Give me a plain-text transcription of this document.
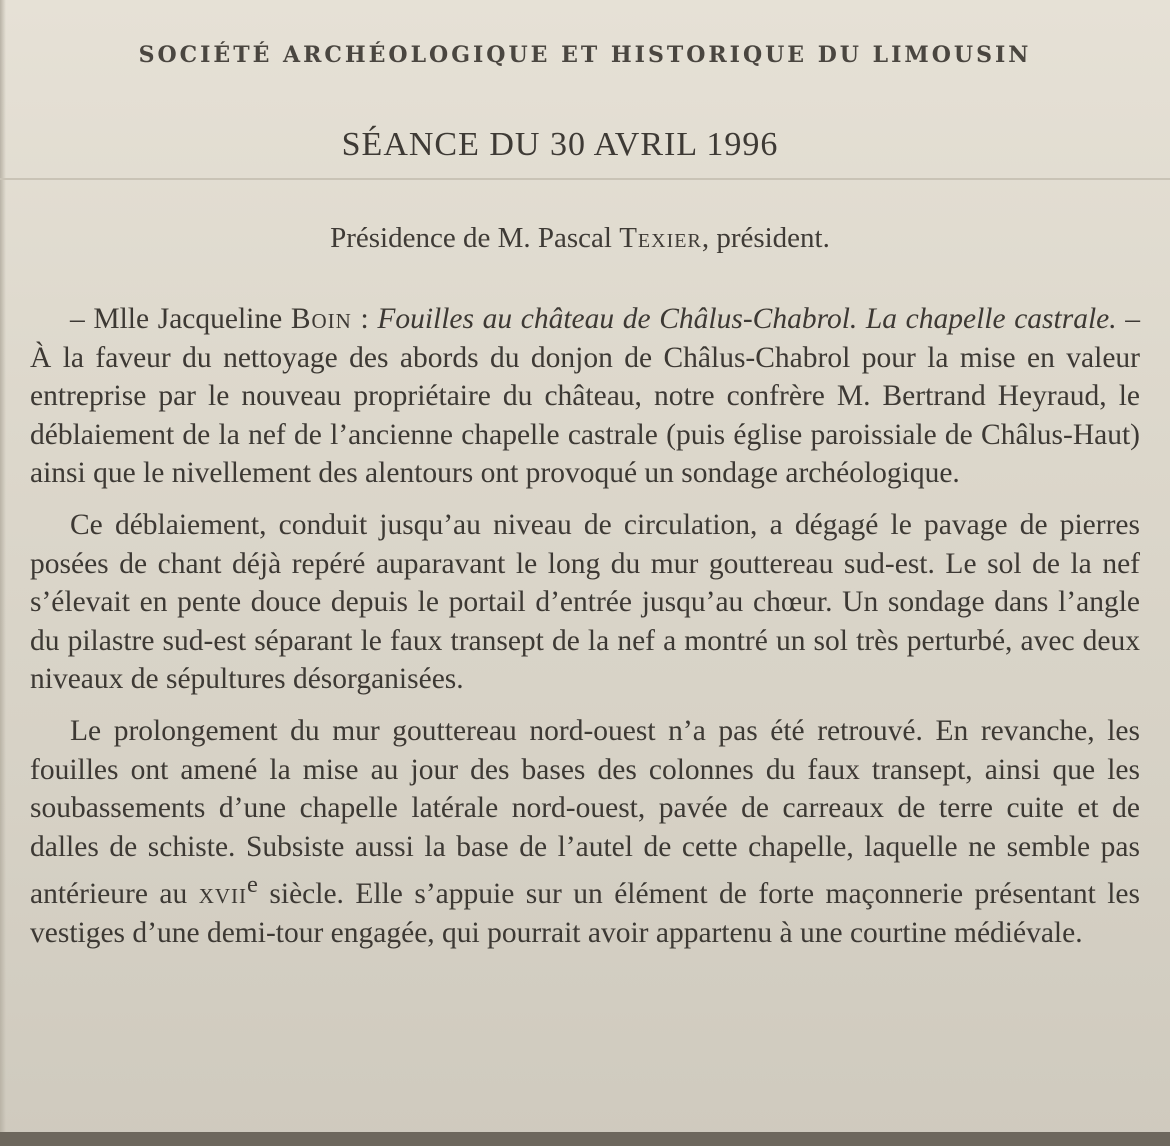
SOCIÉTÉ ARCHÉOLOGIQUE ET HISTORIQUE DU LIMOUSIN
SÉANCE DU 30 AVRIL 1996
Présidence de M. Pascal Texier, président.

– Mlle Jacqueline Boin : Fouilles au château de Châlus-Chabrol. La chapelle castrale. – À la faveur du nettoyage des abords du donjon de Châlus-Chabrol pour la mise en valeur entreprise par le nouveau propriétaire du château, notre confrère M. Bertrand Heyraud, le déblaiement de la nef de l’ancienne chapelle castrale (puis église paroissiale de Châlus-Haut) ainsi que le nivellement des alentours ont provoqué un sondage archéologique.

Ce déblaiement, conduit jusqu’au niveau de circulation, a dégagé le pavage de pierres posées de chant déjà repéré auparavant le long du mur gouttereau sud-est. Le sol de la nef s’élevait en pente douce depuis le portail d’entrée jusqu’au chœur. Un sondage dans l’angle du pilastre sud-est séparant le faux transept de la nef a montré un sol très perturbé, avec deux niveaux de sépultures désorganisées.

Le prolongement du mur gouttereau nord-ouest n’a pas été retrouvé. En revanche, les fouilles ont amené la mise au jour des bases des colonnes du faux transept, ainsi que les soubassements d’une chapelle latérale nord-ouest, pavée de carreaux de terre cuite et de dalles de schiste. Subsiste aussi la base de l’autel de cette chapelle, laquelle ne semble pas antérieure au xvii$^e$ siècle. Elle s’appuie sur un élément de forte maçonnerie présentant les vestiges d’une demi-tour engagée, qui pourrait avoir appartenu à une courtine médiévale.
